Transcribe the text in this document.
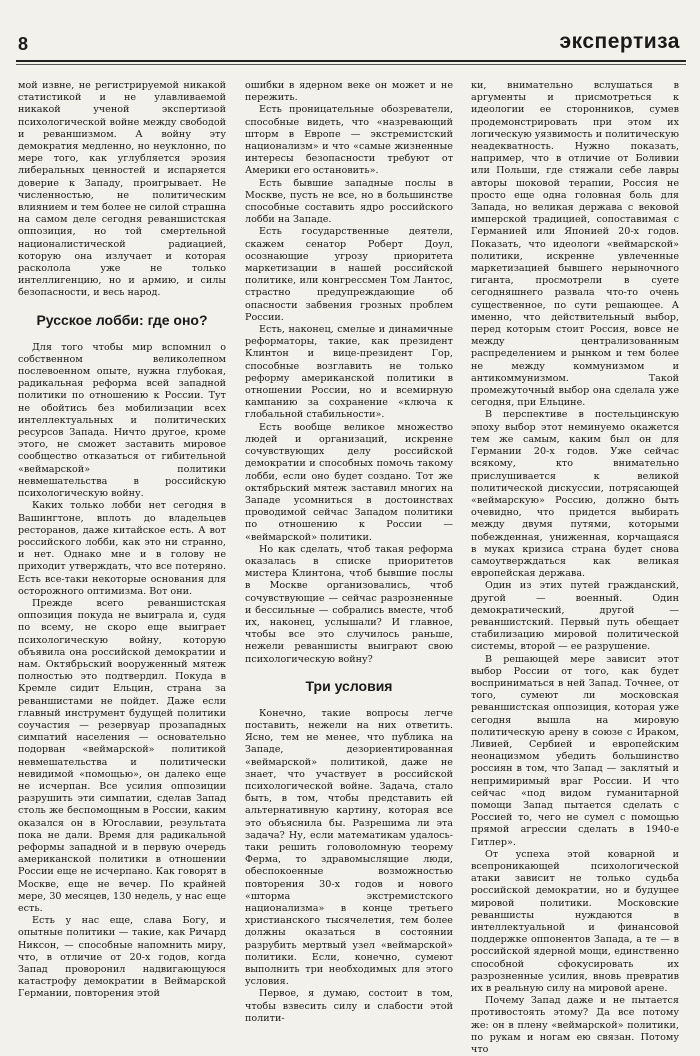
8	экспертиза

мой извне, не регистрируемой никакой статистикой и не улавливаемой никакой ученой экспертизой психологической войне между свободой и реваншизмом. А войну эту демократия медленно, но неуклонно, по мере того, как углубляется эрозия либеральных ценностей и испаряется доверие к Западу, проигрывает. Не численностью, не политическим влиянием и тем более не силой страшна на самом деле сегодня реваншистская оппозиция, но той смертельной националистической радиацией, которую она излучает и которая расколола уже не только интеллигенцию, но и армию, и силы безопасности, и весь народ.

Русское лобби: где оно?

Для того чтобы мир вспомнил о собственном великолепном послевоенном опыте, нужна глубокая, радикальная реформа всей западной политики по отношению к России. Тут не обойтись без мобилизации всех интеллектуальных и политических ресурсов Запада. Ничто другое, кроме этого, не сможет заставить мировое сообщество отказаться от гибительной «веймарской» политики невмешательства в российскую психологическую войну.

Каких только лобби нет сегодня в Вашингтоне, вплоть до владельцев ресторанов, даже китайское есть. А вот российского лобби, как это ни странно, и нет. Однако мне и в голову не приходит утверждать, что все потеряно. Есть все-таки некоторые основания для осторожного оптимизма. Вот они.

Прежде всего реваншистская оппозиция покуда не выиграла и, судя по всему, не скоро еще выиграет психологическую войну, которую объявила она российской демократии и нам. Октябрьский вооруженный мятеж полностью это подтвердил. Покуда в Кремле сидит Ельцин, страна за реваншистами не пойдет. Даже если главный инструмент будущей политики соучастия — резервуар прозападных симпатий населения — основательно подорван «веймарской» политикой невмешательства и политически невидимой «помощью», он далеко еще не исчерпан. Все усилия оппозиции разрушить эти симпатии, сделав Запад столь же беспомощным в России, каким оказался он в Югославии, результата пока не дали. Время для радикальной реформы западной и в первую очередь американской политики в отношении России еще не исчерпано. Как говорят в Москве, еще не вечер. По крайней мере, 30 месяцев, 130 недель, у нас еще есть.

Есть у нас еще, слава Богу, и опытные политики — такие, как Ричард Никсон, — способные напомнить миру, что, в отличие от 20-х годов, когда Запад проворонил надвигающуюся катастрофу демократии в Веймарской Германии, повторения этой

ошибки в ядерном веке он может и не пережить.

Есть проницательные обозреватели, способные видеть, что «назревающий шторм в Европе — экстремистский национализм» и что «самые жизненные интересы безопасности требуют от Америки его остановить».

Есть бывшие западные послы в Москве, пусть не все, но в большинстве способные составить ядро российского лобби на Западе.

Есть государственные деятели, скажем сенатор Роберт Доул, осознающие угрозу приоритета маркетизации в нашей российской политике, или конгрессмен Том Лантос, страстно предупреждающие об опасности забвения грозных проблем России.

Есть, наконец, смелые и динамичные реформаторы, такие, как президент Клинтон и вице-президент Гор, способные возглавить не только реформу американской политики в отношении России, но и всемирную кампанию за сохранение «ключа к глобальной стабильности».

Есть вообще великое множество людей и организаций, искренне сочувствующих делу российской демократии и способных помочь такому лобби, если оно будет создано. Тот же октябрьский мятеж заставил многих на Западе усомниться в достоинствах проводимой сейчас Западом политики по отношению к России — «веймарской» политики.

Но как сделать, чтоб такая реформа оказалась в списке приоритетов мистера Клинтона, чтоб бывшие послы в Москве организовались, чтоб сочувствующие — сейчас разрозненные и бессильные — собрались вместе, чтоб их, наконец, услышали? И главное, чтобы все это случилось раньше, нежели реваншисты выиграют свою психологическую войну?

Три условия

Конечно, такие вопросы легче поставить, нежели на них ответить. Ясно, тем не менее, что публика на Западе, дезориентированная «веймарской» политикой, даже не знает, что участвует в российской психологической войне. Задача, стало быть, в том, чтобы представить ей альтернативную картину, которая все это объяснила бы. Разрешима ли эта задача? Ну, если математикам удалось-таки решить головоломную теорему Ферма, то здравомыслящие люди, обеспокоенные возможностью повторения 30-х годов и нового «шторма экстремистского национализма» в конце третьего христианского тысячелетия, тем более должны оказаться в состоянии разрубить мертвый узел «веймарской» политики. Если, конечно, сумеют выполнить три необходимых для этого условия.

Первое, я думаю, состоит в том, чтобы взвесить силу и слабости этой полити-

ки, внимательно вслушаться в аргументы и присмотреться к идеологии ее сторонников, сумев продемонстрировать при этом их логическую уязвимость и политическую неадекватность. Нужно показать, например, что в отличие от Боливии или Польши, где стяжали себе лавры авторы шоковой терапии, Россия не просто еще одна головная боль для Запада, но великая держава с вековой имперской традицией, сопоставимая с Германией или Японией 20-х годов. Показать, что идеологи «веймарской» политики, искренне увлеченные маркетизацией бывшего нерыночного гиганта, просмотрели в суете сегодняшнего развала что-то очень существенное, по сути решающее. А именно, что действительный выбор, перед которым стоит Россия, вовсе не между централизованным распределением и рынком и тем более не между коммунизмом и антикоммунизмом. Такой промежуточный выбор она сделала уже сегодня, при Ельцине.

В перспективе в постельцинскую эпоху выбор этот неминуемо окажется тем же самым, каким был он для Германии 20-х годов. Уже сейчас всякому, кто внимательно прислушивается к великой политической дискуссии, потрясающей «веймарскую» Россию, должно быть очевидно, что придется выбирать между двумя путями, которыми побежденная, униженная, корчащаяся в муках кризиса страна будет снова самоутверждаться как великая европейская держава.

Один из этих путей гражданский, другой — военный. Один демократический, другой — реваншистский. Первый путь обещает стабилизацию мировой политической системы, второй — ее разрушение.

В решающей мере зависит этот выбор России от того, как будет восприниматься в ней Запад. Точнее, от того, сумеют ли московская реваншистская оппозиция, которая уже сегодня вышла на мировую политическую арену в союзе с Ираком, Ливией, Сербией и европейским неонацизмом убедить большинство россиян в том, что Запад — заклятый и непримиримый враг России. И что сейчас «под видом гуманитарной помощи Запад пытается сделать с Россией то, чего не сумел с помощью прямой агрессии сделать в 1940-е Гитлер».

От успеха этой коварной и всепроникающей психологической атаки зависит не только судьба российской демократии, но и будущее мировой политики. Московские реваншисты нуждаются в интеллектуальной и финансовой поддержке оппонентов Запада, а те — в российской ядерной мощи, единственно способной сфокусировать их разрозненные усилия, вновь превратив их в реальную силу на мировой арене.

Почему Запад даже и не пытается противостоять этому? Да все потому же: он в плену «веймарской» политики, по рукам и ногам ею связан. Потому что
